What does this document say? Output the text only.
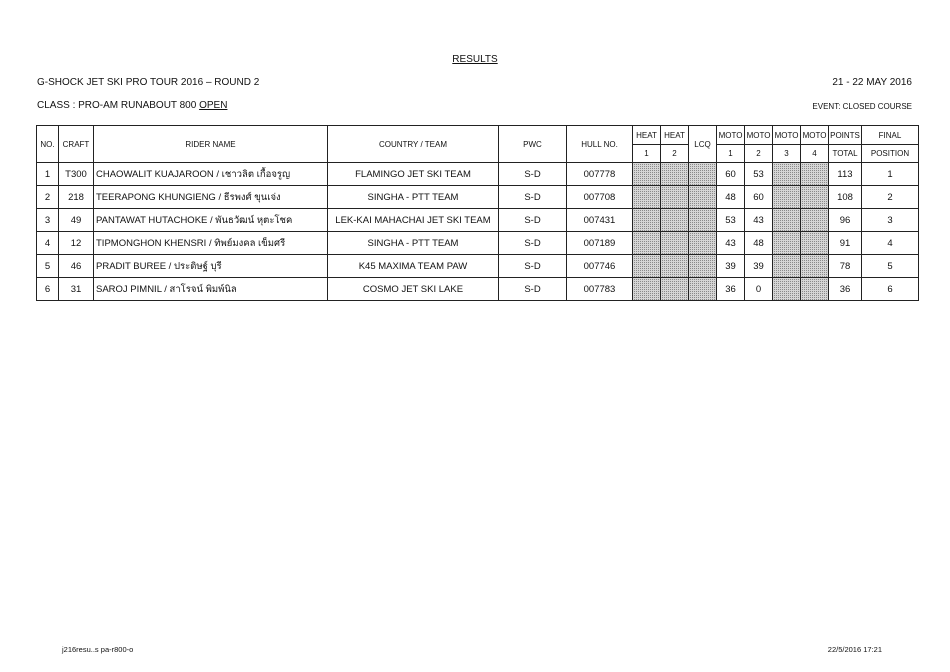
RESULTS
G-SHOCK JET SKI PRO TOUR 2016 – ROUND 2	21 - 22 MAY 2016
CLASS : PRO-AM RUNABOUT 800 OPEN	EVENT: CLOSED COURSE
NO.	CRAFT	RIDER NAME	COUNTRY / TEAM	PWC	HULL NO.	HEAT	HEAT	LCQ	MOTO	MOTO	MOTO	MOTO	POINTS	FINAL
						1	2		1	2	3	4	TOTAL	POSITION
1	T300	CHAOWALIT KUAJAROON / เชาวลิต เกื้อจรูญ	FLAMINGO JET SKI TEAM	S-D	007778				60	53			113	1
2	218	TEERAPONG KHUNGIENG / ธีรพงศ์ ขุนเจ่ง	SINGHA - PTT TEAM	S-D	007708				48	60			108	2
3	49	PANTAWAT HUTACHOKE / พันธวัฒน์ หุตะโชค	LEK-KAI MAHACHAI JET SKI TEAM	S-D	007431				53	43			96	3
4	12	TIPMONGHON KHENSRI / ทิพย์มงคล เข็มศรี	SINGHA - PTT TEAM	S-D	007189				43	48			91	4
5	46	PRADIT BUREE / ประดิษฐ์ บุรี	K45 MAXIMA TEAM PAW	S-D	007746				39	39			78	5
6	31	SAROJ PIMNIL / สาโรจน์ พิมพ์นิล	COSMO JET SKI LAKE	S-D	007783				36	0			36	6
j216resu..s pa-r800-o	22/5/2016 17:21
